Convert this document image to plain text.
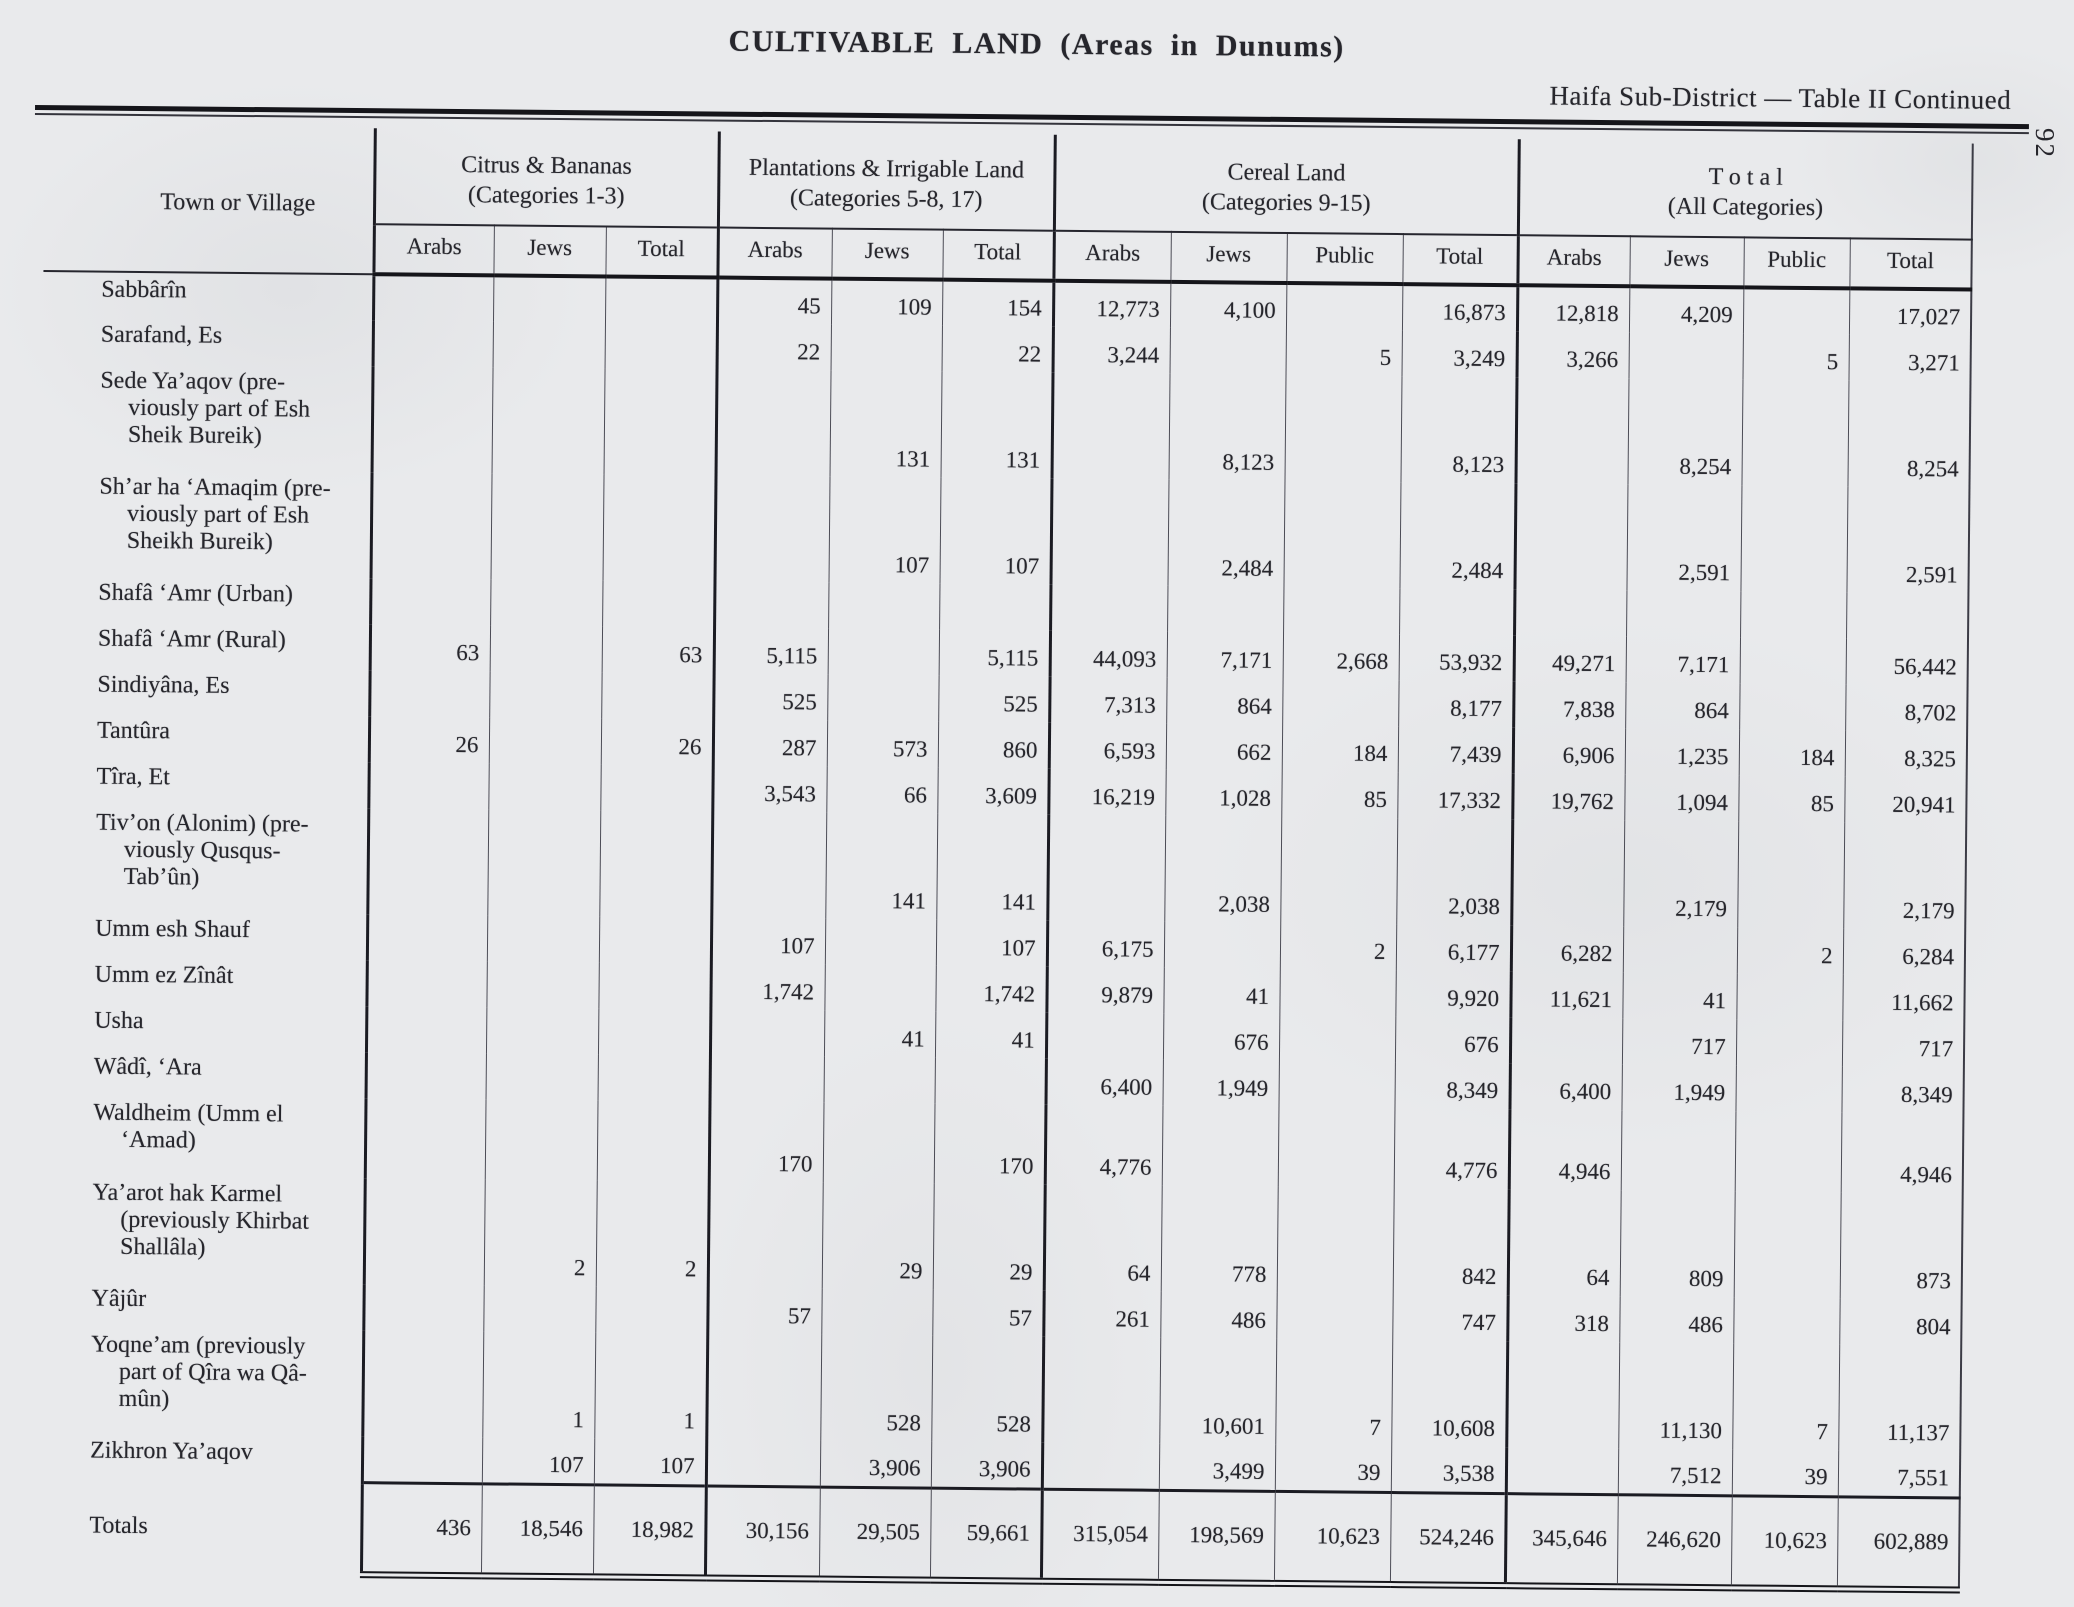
CULTIVABLE LAND (Areas in Dunums)
Haifa Sub-District — Table II Continued
Town or Village	
Citrus & Bananas
(Categories 1-3)

Plantations & Irrigable Land
(Categories 5-8, 17)

Cereal Land
(Categories 9-15)

T o t a l
(All Categories)

	Arabs	Jews	Total	Arabs	Jews	Total	Arabs	Jews	Public	Total	Arabs	Jews	Public	Total

Sabbârîn				45	109	154	12,773	4,100		16,873	12,818	4,209		17,027

Sarafand, Es				22		22	3,244		5	3,249	3,266		5	3,271

Sede Ya’aqov (pre-
viously part of Esh
Sheik Bureik)					131	131		8,123		8,123		8,254		8,254

Sh’ar ha ‘Amaqim (pre-
viously part of Esh
Sheikh Bureik)					107	107		2,484		2,484		2,591		2,591

Shafâ ‘Amr (Urban)														

Shafâ ‘Amr (Rural)	63		63	5,115		5,115	44,093	7,171	2,668	53,932	49,271	7,171		56,442

Sindiyâna, Es				525		525	7,313	864		8,177	7,838	864		8,702

Tantûra	26		26	287	573	860	6,593	662	184	7,439	6,906	1,235	184	8,325

Tîra, Et				3,543	66	3,609	16,219	1,028	85	17,332	19,762	1,094	85	20,941

Tiv’on (Alonim) (pre-
viously Qusqus-
Tab’ûn)					141	141		2,038		2,038		2,179		2,179

Umm esh Shauf				107		107	6,175		2	6,177	6,282		2	6,284

Umm ez Zînât				1,742		1,742	9,879	41		9,920	11,621	41		11,662

Usha					41	41		676		676		717		717

Wâdî, ‘Ara							6,400	1,949		8,349	6,400	1,949		8,349

Waldheim (Umm el
‘Amad)				170		170	4,776			4,776	4,946			4,946

Ya’arot hak Karmel
(previously Khirbat
Shallâla)		2	2		29	29	64	778		842	64	809		873

Yâjûr				57		57	261	486		747	318	486		804

Yoqne’am (previously
part of Qîra wa Qâ-
mûn)		1	1		528	528		10,601	7	10,608		11,130	7	11,137

Zikhron Ya’aqov		107	107		3,906	3,906		3,499	39	3,538		7,512	39	7,551
Totals	436	18,546	18,982	30,156	29,505	59,661	315,054	198,569	10,623	524,246	345,646	246,620	10,623	602,889
92
